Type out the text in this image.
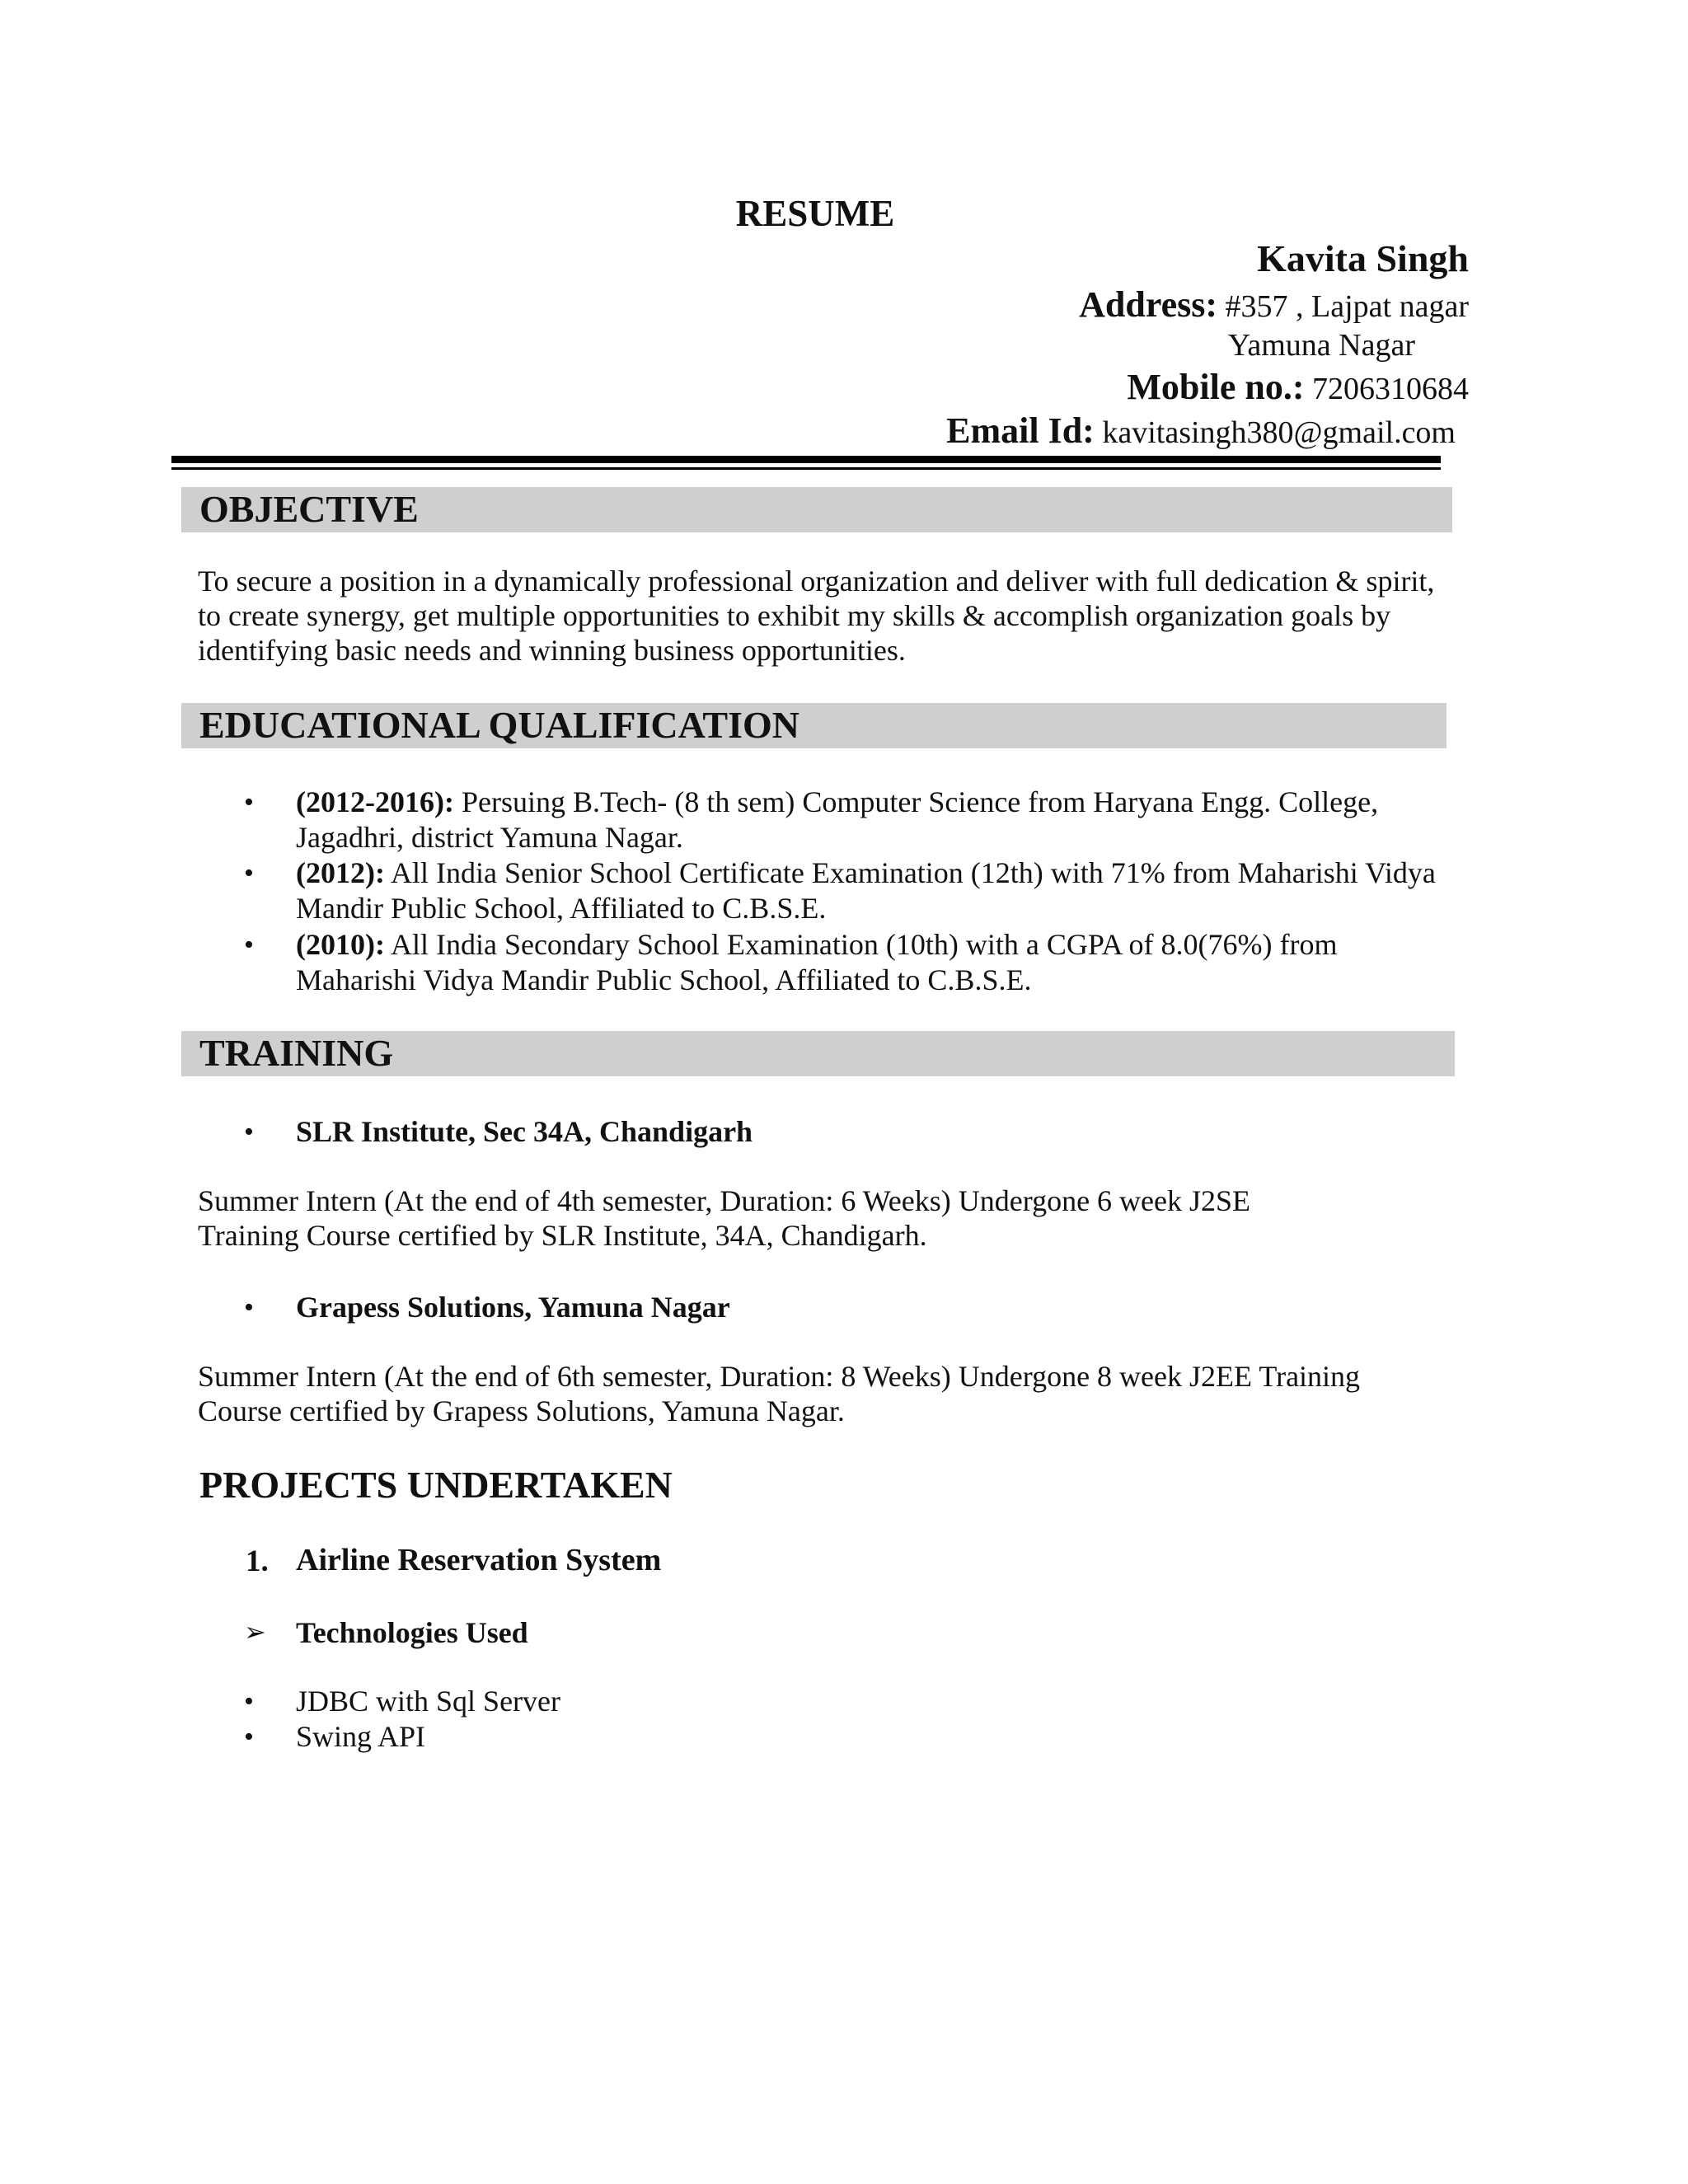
RESUME
Kavita Singh
Address: #357 , Lajpat nagar
Yamuna Nagar
Mobile no.: 7206310684
Email Id: kavitasingh380@gmail.com
OBJECTIVE
To secure a position in a dynamically professional organization and deliver with full dedication & spirit,
to create synergy, get multiple opportunities to exhibit my skills & accomplish organization goals by
identifying basic needs and winning business opportunities.
EDUCATIONAL QUALIFICATION
• (2012-2016): Persuing B.Tech- (8 th sem) Computer Science from Haryana Engg. College,
Jagadhri, district Yamuna Nagar.
• (2012): All India Senior School Certificate Examination (12th) with 71% from Maharishi Vidya
Mandir Public School, Affiliated to C.B.S.E.
• (2010): All India Secondary School Examination (10th) with a CGPA of 8.0(76%) from
Maharishi Vidya Mandir Public School, Affiliated to C.B.S.E.
TRAINING
• SLR Institute, Sec 34A, Chandigarh
Summer Intern (At the end of 4th semester, Duration: 6 Weeks) Undergone 6 week J2SE
Training Course certified by SLR Institute, 34A, Chandigarh.
• Grapess Solutions, Yamuna Nagar
Summer Intern (At the end of 6th semester, Duration: 8 Weeks) Undergone 8 week J2EE Training
Course certified by Grapess Solutions, Yamuna Nagar.
PROJECTS UNDERTAKEN
1. Airline Reservation System
➢ Technologies Used
• JDBC with Sql Server
• Swing API
